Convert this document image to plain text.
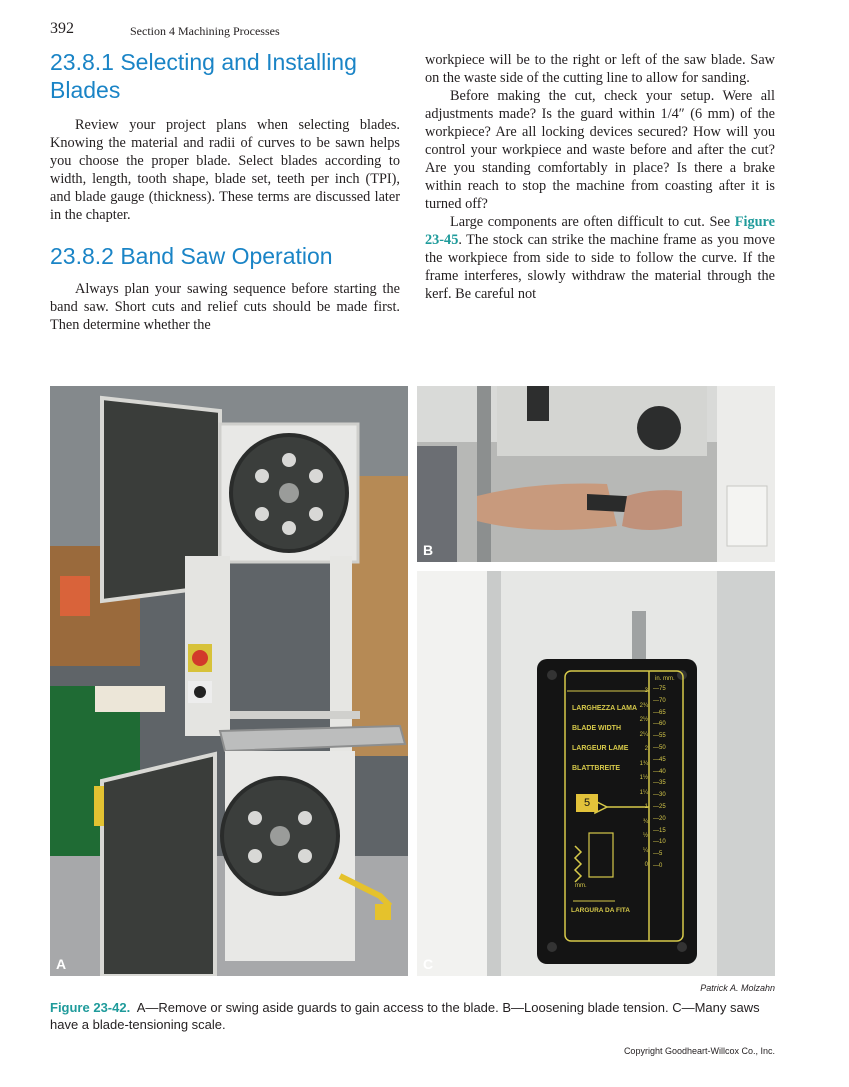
392	Section 4 Machining Processes
23.8.1 Selecting and Installing Blades

Review your project plans when selecting blades. Knowing the material and radii of curves to be sawn helps you choose the proper blade. Select blades according to width, length, tooth shape, blade set, teeth per inch (TPI), and blade gauge (thickness). These terms are discussed later in the chapter.

23.8.2 Band Saw Operation

Always plan your sawing sequence before starting the band saw. Short cuts and relief cuts should be made first. Then determine whether the

workpiece will be to the right or left of the saw blade. Saw on the waste side of the cutting line to allow for sanding.

Before making the cut, check your setup. Were all adjustments made? Is the guard within 1/4″ (6 mm) of the workpiece? Are all locking devices secured? How will you control your workpiece and waste before and after the cut? Are you standing comfortably in place? Is there a brake within reach to stop the machine from coasting after it is turned off?

Large components are often difficult to cut. See Figure 23-45. The stock can strike the machine frame as you move the workpiece from side to side to follow the curve. If the frame interferes, slowly withdraw the material through the kerf. Be careful not

A
B
LARGHEZZA LAMA
BLADE WIDTH
LARGEUR LAME
BLATTBREITE
5
mm.
LARGURA DA FITA
in. mm.
3
2¾
2½
2¼
2
1¾
1½
1¼
1
¾
½
¼
0
—75
—70
—65
—60
—55
—50
—45
—40
—35
—30
—25
—20
—15
—10
—5
—0
C
Patrick A. Molzahn
Figure 23-42. A—Remove or swing aside guards to gain access to the blade. B—Loosening blade tension. C—Many saws have a blade-tensioning scale.
Copyright Goodheart-Willcox Co., Inc.
